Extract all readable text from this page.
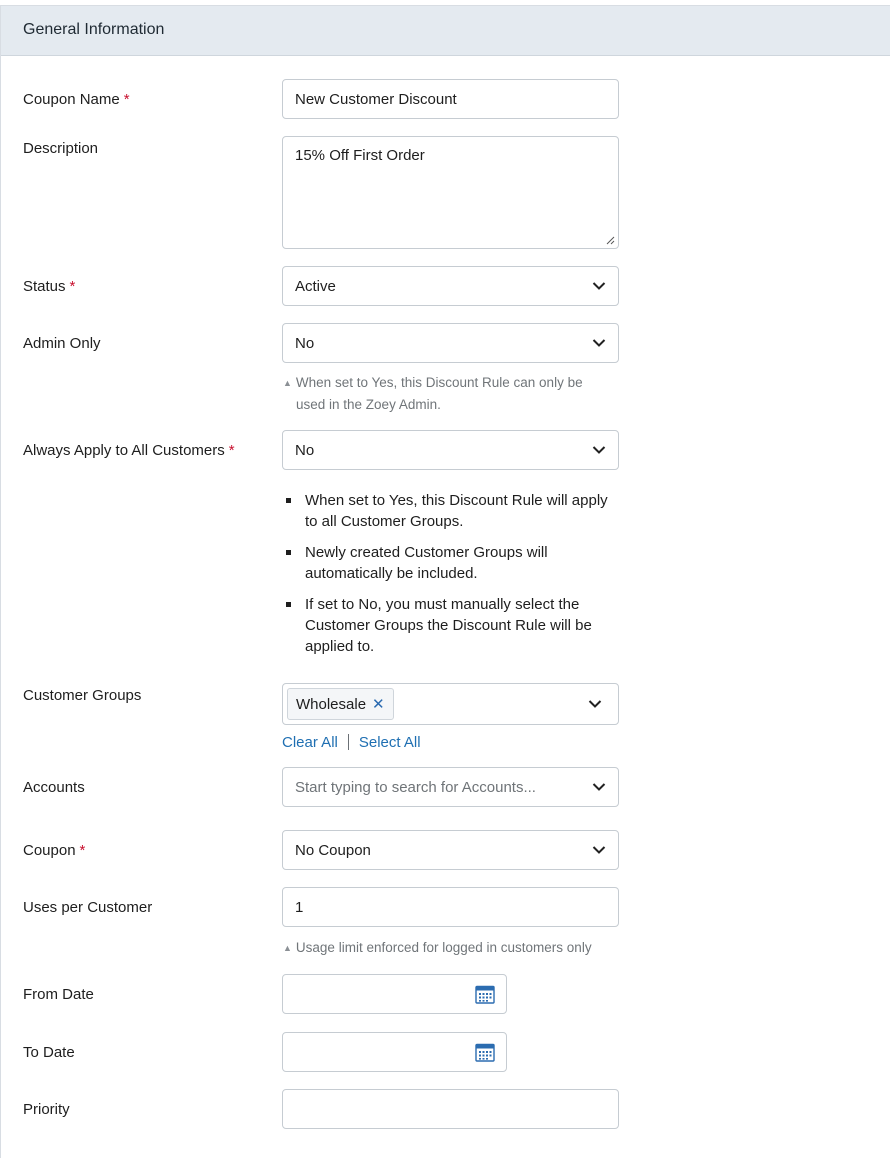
General Information
Coupon Name *	New Customer Discount
Description	15% Off First Order
Status *	Active
Admin Only	No
▲ When set to Yes, this Discount Rule can only be
used in the Zoey Admin.
Always Apply to All Customers *	No
When set to Yes, this Discount Rule will apply to all Customer Groups.
Newly created Customer Groups will automatically be included.
If set to No, you must manually select the Customer Groups the Discount Rule will be applied to.
Customer Groups	Wholesale ✕
Clear All Select All
Accounts	Start typing to search for Accounts...
Coupon *	No Coupon
Uses per Customer	1
▲ Usage limit enforced for logged in customers only
From Date
To Date
Priority
